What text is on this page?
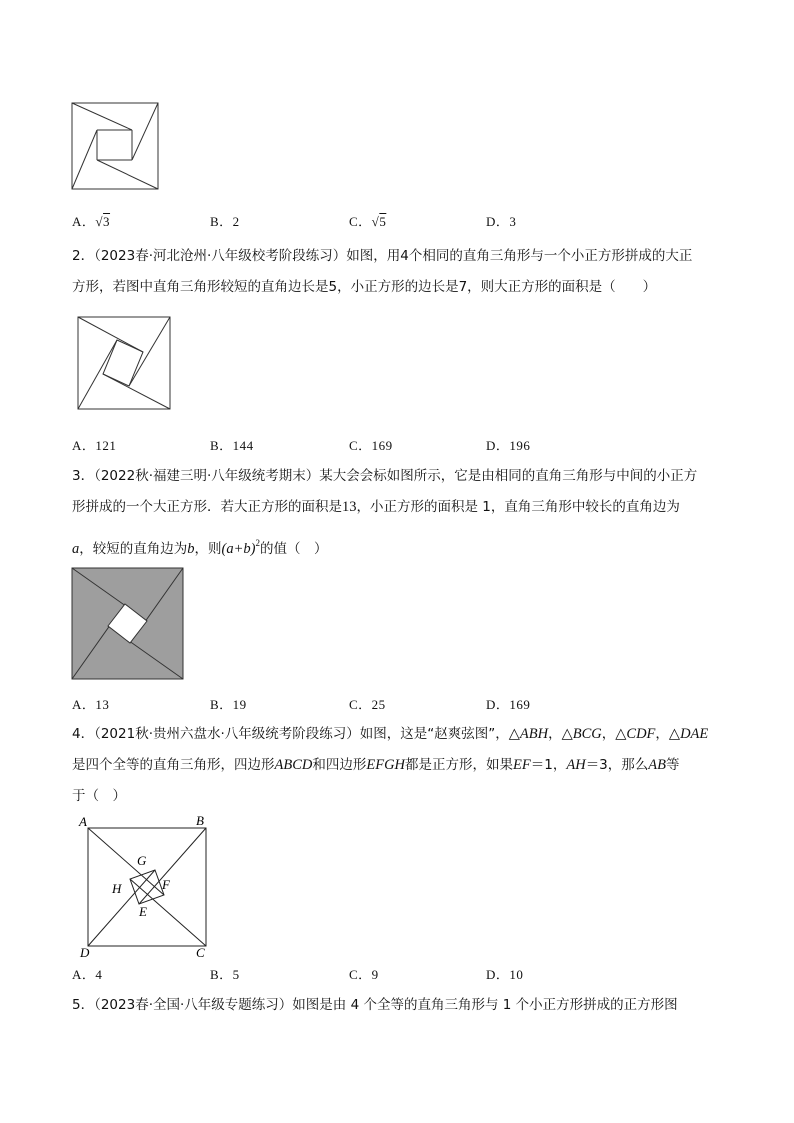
A．√3	B．2	C．√5	D．3
2．（2023春·河北沧州·八年级校考阶段练习）如图，用4个相同的直角三角形与一个小正方形拼成的大正
方形，若图中直角三角形较短的直角边长是5，小正方形的边长是7，则大正方形的面积是（　　）
A．121	B．144	C．169	D．196
3．（2022秋·福建三明·八年级统考期末）某大会会标如图所示，它是由相同的直角三角形与中间的小正方
形拼成的一个大正方形．若大正方形的面积是13，小正方形的面积是 1，直角三角形中较长的直角边为
a，较短的直角边为b，则$(a+b)^2$的值（　）
A．13	B．19	C．25	D．169
4．（2021秋·贵州六盘水·八年级统考阶段练习）如图，这是“赵爽弦图”，△ABH，△BCG，△CDF，△DAE
是四个全等的直角三角形，四边形ABCD和四边形EFGH都是正方形，如果EF＝1，AH＝3，那么AB等
于（　）
A	B
C
D
G
H	F
E
A．4	B．5	C．9	D．10
5．（2023春·全国·八年级专题练习）如图是由 4 个全等的直角三角形与 1 个小正方形拼成的正方形图
